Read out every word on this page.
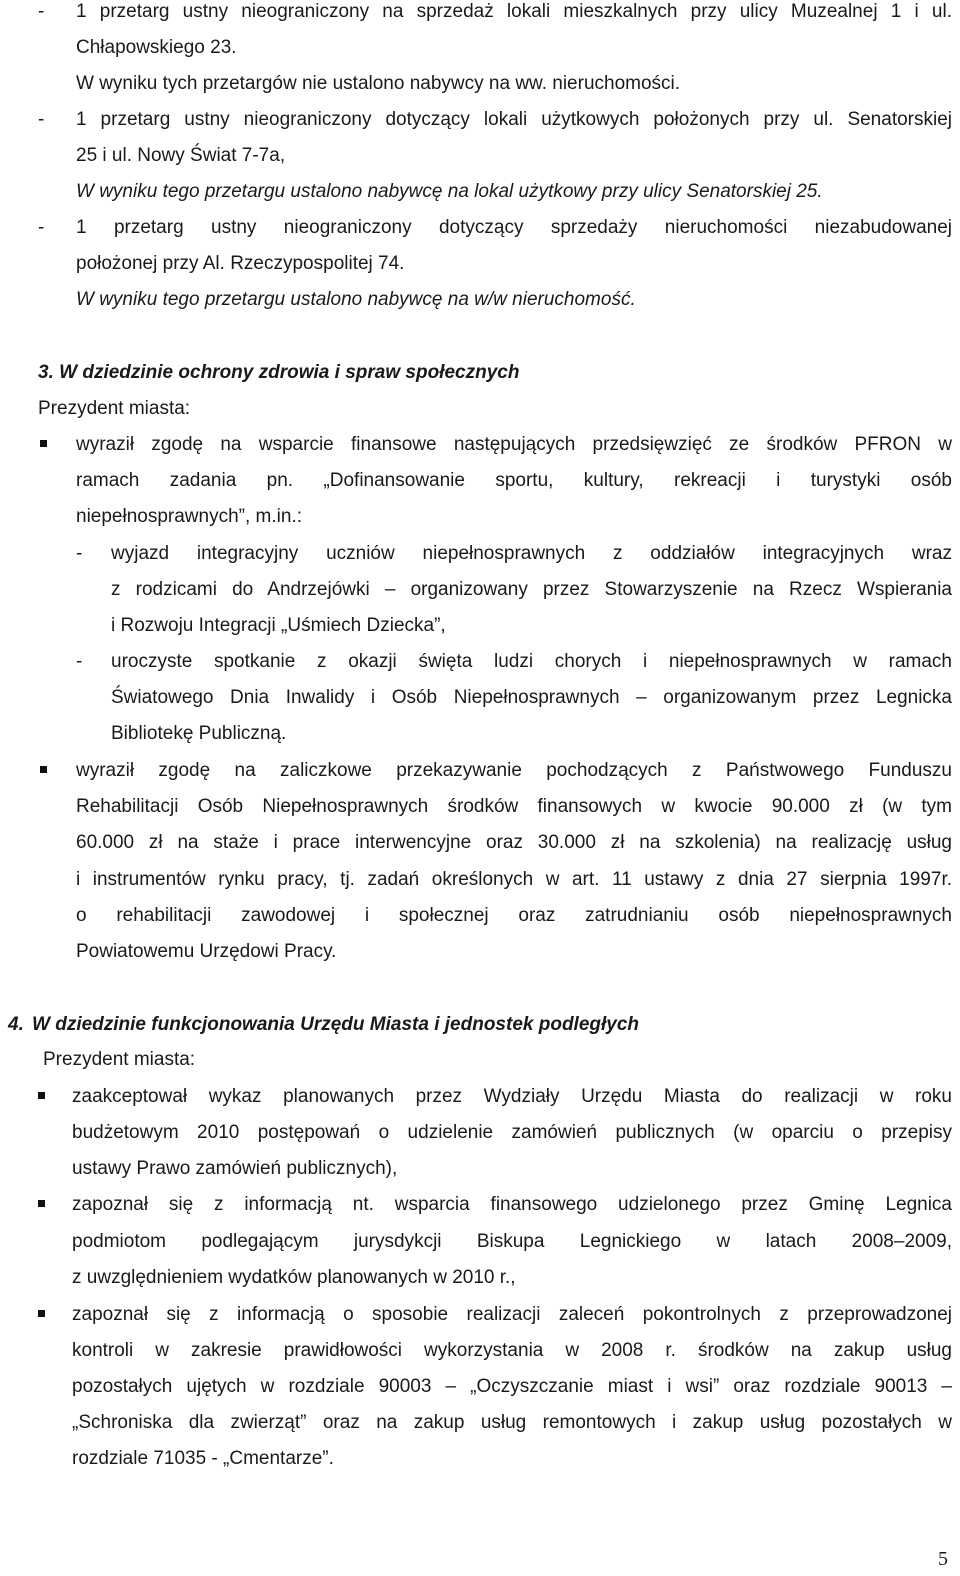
- 1 przetarg ustny nieograniczony na sprzedaż lokali mieszkalnych przy ulicy Muzealnej 1 i ul.
Chłapowskiego 23.
W wyniku tych przetargów nie ustalono nabywcy na ww. nieruchomości.
- 1 przetarg ustny nieograniczony dotyczący lokali użytkowych położonych przy ul. Senatorskiej
25 i ul. Nowy Świat 7-7a,
W wyniku tego przetargu ustalono nabywcę na lokal użytkowy przy ulicy Senatorskiej 25.
- 1 przetarg ustny nieograniczony dotyczący sprzedaży nieruchomości niezabudowanej
położonej przy Al. Rzeczypospolitej 74.
W wyniku tego przetargu ustalono nabywcę na w/w nieruchomość.
3. W dziedzinie ochrony zdrowia i spraw społecznych
Prezydent miasta:
wyraził zgodę na wsparcie finansowe następujących przedsięwzięć ze środków PFRON w
ramach zadania pn. „Dofinansowanie sportu, kultury, rekreacji i turystyki osób
niepełnosprawnych”, m.in.:
- wyjazd integracyjny uczniów niepełnosprawnych z oddziałów integracyjnych wraz
z rodzicami do Andrzejówki – organizowany przez Stowarzyszenie na Rzecz Wspierania
i Rozwoju Integracji „Uśmiech Dziecka”,
- uroczyste spotkanie z okazji święta ludzi chorych i niepełnosprawnych w ramach
Światowego Dnia Inwalidy i Osób Niepełnosprawnych – organizowanym przez Legnicka
Bibliotekę Publiczną.
wyraził zgodę na zaliczkowe przekazywanie pochodzących z Państwowego Funduszu
Rehabilitacji Osób Niepełnosprawnych środków finansowych w kwocie 90.000 zł (w tym
60.000 zł na staże i prace interwencyjne oraz 30.000 zł na szkolenia) na realizację usług
i instrumentów rynku pracy, tj. zadań określonych w art. 11 ustawy z dnia 27 sierpnia 1997r.
o rehabilitacji zawodowej i społecznej oraz zatrudnianiu osób niepełnosprawnych
Powiatowemu Urzędowi Pracy.
4. W dziedzinie funkcjonowania Urzędu Miasta i jednostek podległych
Prezydent miasta:
zaakceptował wykaz planowanych przez Wydziały Urzędu Miasta do realizacji w roku
budżetowym 2010 postępowań o udzielenie zamówień publicznych (w oparciu o przepisy
ustawy Prawo zamówień publicznych),
zapoznał się z informacją nt. wsparcia finansowego udzielonego przez Gminę Legnica
podmiotom podlegającym jurysdykcji Biskupa Legnickiego w latach 2008–2009,
z uwzględnieniem wydatków planowanych w 2010 r.,
zapoznał się z informacją o sposobie realizacji zaleceń pokontrolnych z przeprowadzonej
kontroli w zakresie prawidłowości wykorzystania w 2008 r. środków na zakup usług
pozostałych ujętych w rozdziale 90003 – „Oczyszczanie miast i wsi” oraz rozdziale 90013 –
„Schroniska dla zwierząt” oraz na zakup usług remontowych i zakup usług pozostałych w
rozdziale 71035 - „Cmentarze”.
5
